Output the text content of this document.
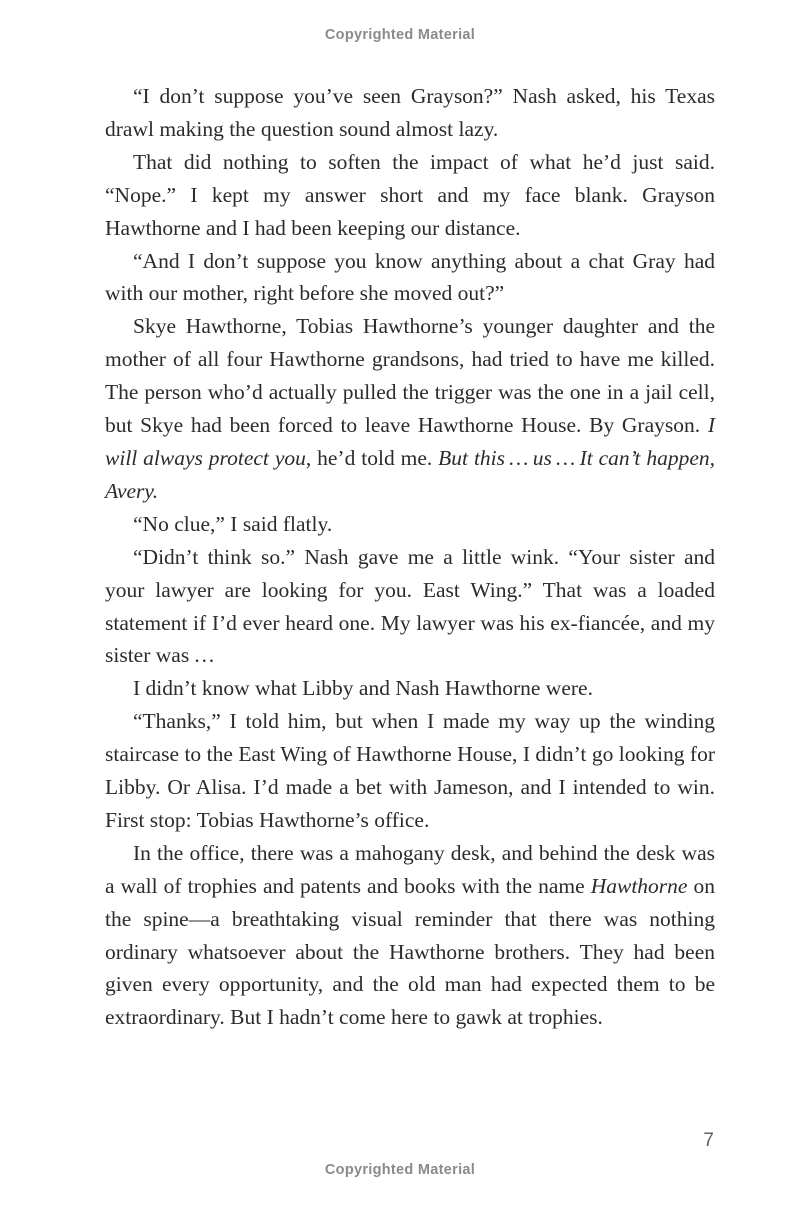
Copyrighted Material

“I don’t suppose you’ve seen Grayson?” Nash asked, his Texas drawl making the question sound almost lazy.

That did nothing to soften the impact of what he’d just said. “Nope.” I kept my answer short and my face blank. Grayson Hawthorne and I had been keeping our distance.

“And I don’t suppose you know anything about a chat Gray had with our mother, right before she moved out?”

Skye Hawthorne, Tobias Hawthorne’s younger daughter and the mother of all four Hawthorne grandsons, had tried to have me killed. The person who’d actually pulled the trigger was the one in a jail cell, but Skye had been forced to leave Hawthorne House. By Grayson. I will always protect you, he’d told me. But this … us … It can’t happen, Avery.

“No clue,” I said flatly.

“Didn’t think so.” Nash gave me a little wink. “Your sister and your lawyer are looking for you. East Wing.” That was a loaded statement if I’d ever heard one. My lawyer was his ex-fiancée, and my sister was …

I didn’t know what Libby and Nash Hawthorne were.

“Thanks,” I told him, but when I made my way up the winding staircase to the East Wing of Hawthorne House, I didn’t go looking for Libby. Or Alisa. I’d made a bet with Jameson, and I intended to win. First stop: Tobias Hawthorne’s office.

In the office, there was a mahogany desk, and behind the desk was a wall of trophies and patents and books with the name Hawthorne on the spine—a breathtaking visual reminder that there was nothing ordinary whatsoever about the Hawthorne brothers. They had been given every opportunity, and the old man had expected them to be extraordinary. But I hadn’t come here to gawk at trophies.

7
Copyrighted Material
